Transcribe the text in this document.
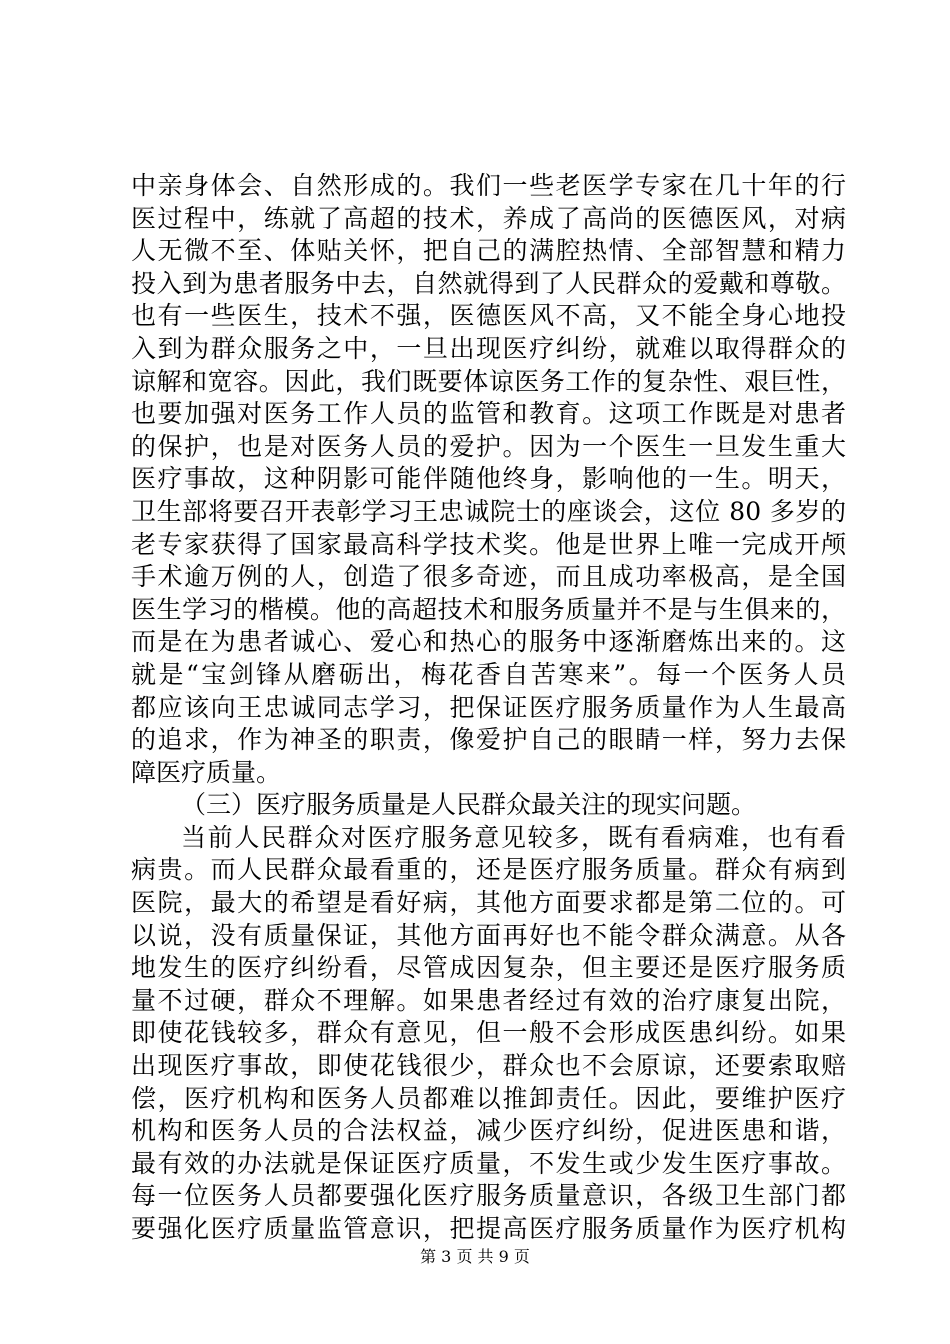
中亲身体会、自然形成的。我们一些老医学专家在几十年的行
医过程中，练就了高超的技术，养成了高尚的医德医风，对病
人无微不至、体贴关怀，把自己的满腔热情、全部智慧和精力
投入到为患者服务中去，自然就得到了人民群众的爱戴和尊敬。
也有一些医生，技术不强，医德医风不高，又不能全身心地投
入到为群众服务之中，一旦出现医疗纠纷，就难以取得群众的
谅解和宽容。因此，我们既要体谅医务工作的复杂性、艰巨性，
也要加强对医务工作人员的监管和教育。这项工作既是对患者
的保护，也是对医务人员的爱护。因为一个医生一旦发生重大
医疗事故，这种阴影可能伴随他终身，影响他的一生。明天，
卫生部将要召开表彰学习王忠诚院士的座谈会，这位 80 多岁的
老专家获得了国家最高科学技术奖。他是世界上唯一完成开颅
手术逾万例的人，创造了很多奇迹，而且成功率极高，是全国
医生学习的楷模。他的高超技术和服务质量并不是与生俱来的，
而是在为患者诚心、爱心和热心的服务中逐渐磨炼出来的。这
就是“宝剑锋从磨砺出，梅花香自苦寒来”。每一个医务人员
都应该向王忠诚同志学习，把保证医疗服务质量作为人生最高
的追求，作为神圣的职责，像爱护自己的眼睛一样，努力去保
障医疗质量。
（三）医疗服务质量是人民群众最关注的现实问题。
当前人民群众对医疗服务意见较多，既有看病难，也有看
病贵。而人民群众最看重的，还是医疗服务质量。群众有病到
医院，最大的希望是看好病，其他方面要求都是第二位的。可
以说，没有质量保证，其他方面再好也不能令群众满意。从各
地发生的医疗纠纷看，尽管成因复杂，但主要还是医疗服务质
量不过硬，群众不理解。如果患者经过有效的治疗康复出院，
即使花钱较多，群众有意见，但一般不会形成医患纠纷。如果
出现医疗事故，即使花钱很少，群众也不会原谅，还要索取赔
偿，医疗机构和医务人员都难以推卸责任。因此，要维护医疗
机构和医务人员的合法权益，减少医疗纠纷，促进医患和谐，
最有效的办法就是保证医疗质量，不发生或少发生医疗事故。
每一位医务人员都要强化医疗服务质量意识，各级卫生部门都
要强化医疗质量监管意识，把提高医疗服务质量作为医疗机构
第 3 页 共 9 页
